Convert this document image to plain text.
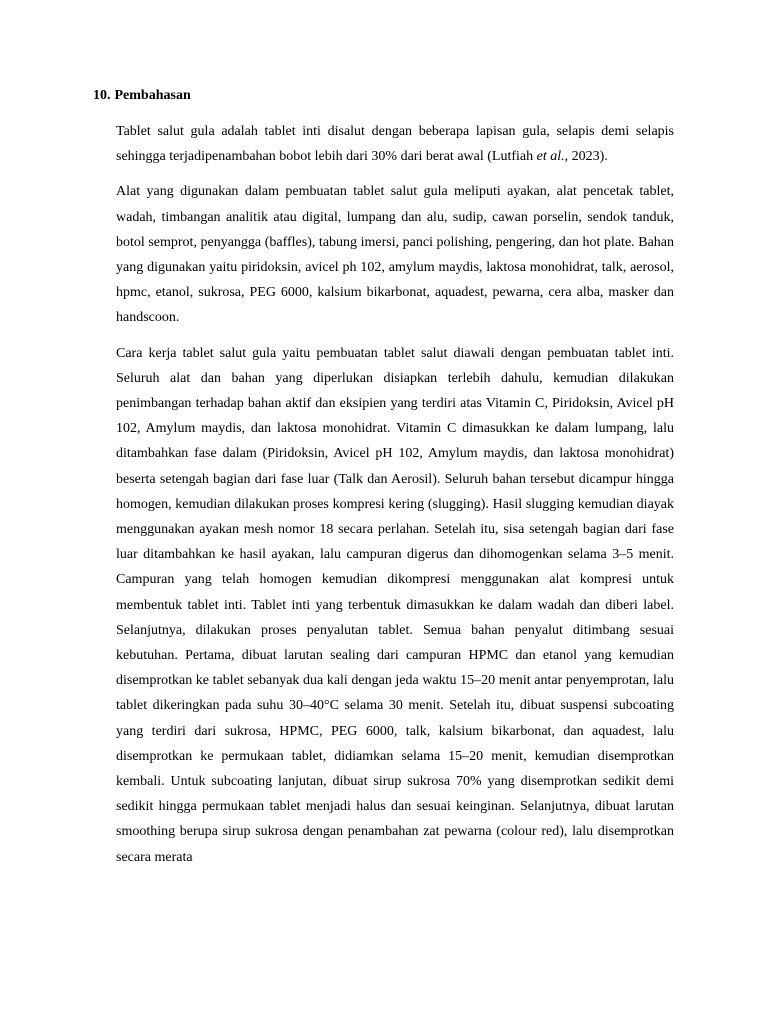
10. Pembahasan

Tablet salut gula adalah tablet inti disalut dengan beberapa lapisan gula, selapis demi selapis sehingga terjadipenambahan bobot lebih dari 30% dari berat awal (Lutfiah et al., 2023).

Alat yang digunakan dalam pembuatan tablet salut gula meliputi ayakan, alat pencetak tablet, wadah, timbangan analitik atau digital, lumpang dan alu, sudip, cawan porselin, sendok tanduk, botol semprot, penyangga (baffles), tabung imersi, panci polishing, pengering, dan hot plate. Bahan yang digunakan yaitu piridoksin, avicel ph 102, amylum maydis, laktosa monohidrat, talk, aerosol, hpmc, etanol, sukrosa, PEG 6000, kalsium bikarbonat, aquadest, pewarna, cera alba, masker dan handscoon.

Cara kerja tablet salut gula yaitu pembuatan tablet salut diawali dengan pembuatan tablet inti. Seluruh alat dan bahan yang diperlukan disiapkan terlebih dahulu, kemudian dilakukan penimbangan terhadap bahan aktif dan eksipien yang terdiri atas Vitamin C, Piridoksin, Avicel pH 102, Amylum maydis, dan laktosa monohidrat. Vitamin C dimasukkan ke dalam lumpang, lalu ditambahkan fase dalam (Piridoksin, Avicel pH 102, Amylum maydis, dan laktosa monohidrat) beserta setengah bagian dari fase luar (Talk dan Aerosil). Seluruh bahan tersebut dicampur hingga homogen, kemudian dilakukan proses kompresi kering (slugging). Hasil slugging kemudian diayak menggunakan ayakan mesh nomor 18 secara perlahan. Setelah itu, sisa setengah bagian dari fase luar ditambahkan ke hasil ayakan, lalu campuran digerus dan dihomogenkan selama 3–5 menit. Campuran yang telah homogen kemudian dikompresi menggunakan alat kompresi untuk membentuk tablet inti. Tablet inti yang terbentuk dimasukkan ke dalam wadah dan diberi label. Selanjutnya, dilakukan proses penyalutan tablet. Semua bahan penyalut ditimbang sesuai kebutuhan. Pertama, dibuat larutan sealing dari campuran HPMC dan etanol yang kemudian disemprotkan ke tablet sebanyak dua kali dengan jeda waktu 15–20 menit antar penyemprotan, lalu tablet dikeringkan pada suhu 30–40°C selama 30 menit. Setelah itu, dibuat suspensi subcoating yang terdiri dari sukrosa, HPMC, PEG 6000, talk, kalsium bikarbonat, dan aquadest, lalu disemprotkan ke permukaan tablet, didiamkan selama 15–20 menit, kemudian disemprotkan kembali. Untuk subcoating lanjutan, dibuat sirup sukrosa 70% yang disemprotkan sedikit demi sedikit hingga permukaan tablet menjadi halus dan sesuai keinginan. Selanjutnya, dibuat larutan smoothing berupa sirup sukrosa dengan penambahan zat pewarna (colour red), lalu disemprotkan secara merata
